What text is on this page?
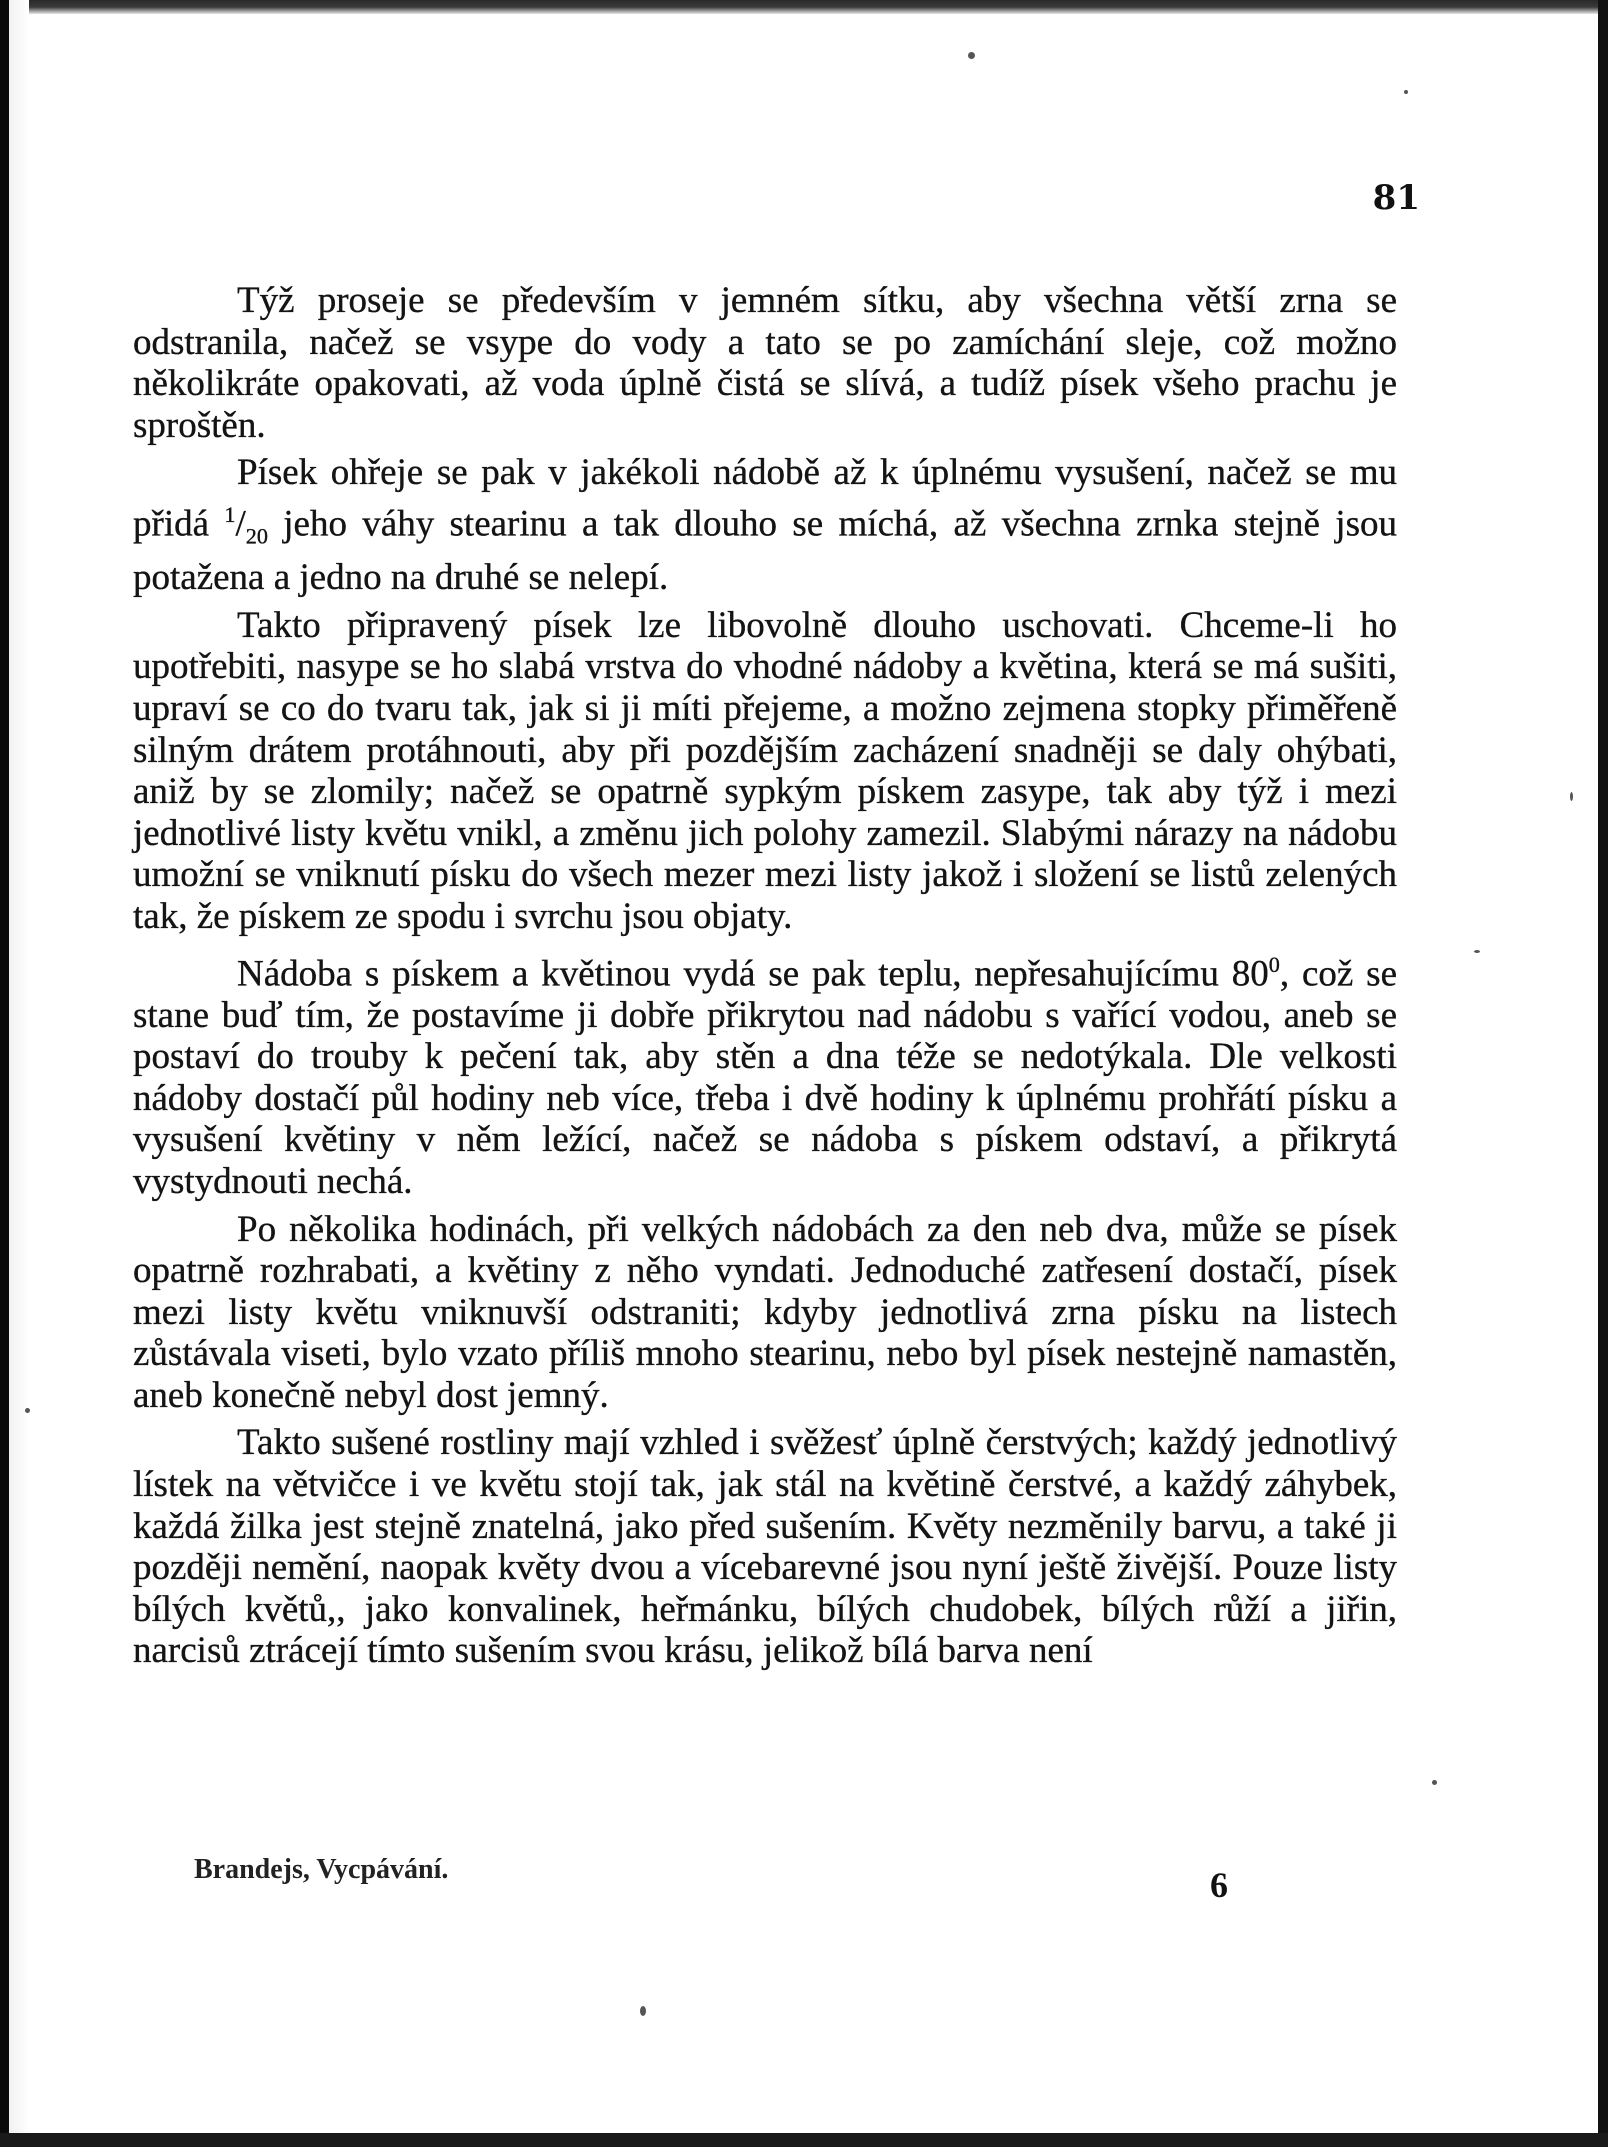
81

Týž proseje se především v jemném sítku, aby všechna větší zrna se odstranila, načež se vsype do vody a tato se po zamíchání sleje, což možno několikráte opakovati, až voda úplně čistá se slívá, a tudíž písek všeho prachu je sproštěn.

Písek ohřeje se pak v jakékoli nádobě až k úplnému vysušení, načež se mu přidá $^1/_{20}$ jeho váhy stearinu a tak dlouho se míchá, až všechna zrnka stejně jsou potažena a jedno na druhé se nelepí.

Takto připravený písek lze libovolně dlouho uschovati. Chceme-li ho upotřebiti, nasype se ho slabá vrstva do vhodné nádoby a květina, která se má sušiti, upraví se co do tvaru tak, jak si ji míti přejeme, a možno zejmena stopky přiměřeně silným drátem protáhnouti, aby při pozdějším zacházení snadněji se daly ohýbati, aniž by se zlomily; načež se opatrně sypkým pískem zasype, tak aby týž i mezi jednotlivé listy květu vnikl, a změnu jich polohy zamezil. Slabými nárazy na nádobu umožní se vniknutí písku do všech mezer mezi listy jakož i složení se listů zelených tak, že pískem ze spodu i svrchu jsou objaty.

Nádoba s pískem a květinou vydá se pak teplu, nepřesahujícímu $80^0$, což se stane buď tím, že postavíme ji dobře přikrytou nad nádobu s vařící vodou, aneb se postaví do trouby k pečení tak, aby stěn a dna téže se nedotýkala. Dle velkosti nádoby dostačí půl hodiny neb více, třeba i dvě hodiny k úplnému prohřátí písku a vysušení květiny v něm ležící, načež se nádoba s pískem odstaví, a přikrytá vystydnouti nechá.

Po několika hodinách, při velkých nádobách za den neb dva, může se písek opatrně rozhrabati, a květiny z něho vyndati. Jednoduché zatřesení dostačí, písek mezi listy květu vniknuvší odstraniti; kdyby jednotlivá zrna písku na listech zůstávala viseti, bylo vzato příliš mnoho stearinu, nebo byl písek nestejně namastěn, aneb konečně nebyl dost jemný.

Takto sušené rostliny mají vzhled i svěžesť úplně čerstvých; každý jednotlivý lístek na větvičce i ve květu stojí tak, jak stál na květině čerstvé, a každý záhybek, každá žilka jest stejně znatelná, jako před sušením. Květy nezměnily barvu, a také ji později nemění, naopak květy dvou a vícebarevné jsou nyní ještě živější. Pouze listy bílých květů,, jako konvalinek, heřmánku, bílých chudobek, bílých růží a jiřin, narcisů ztrácejí tímto sušením svou krásu, jelikož bílá barva není

Brandejs, Vycpávání.	6
